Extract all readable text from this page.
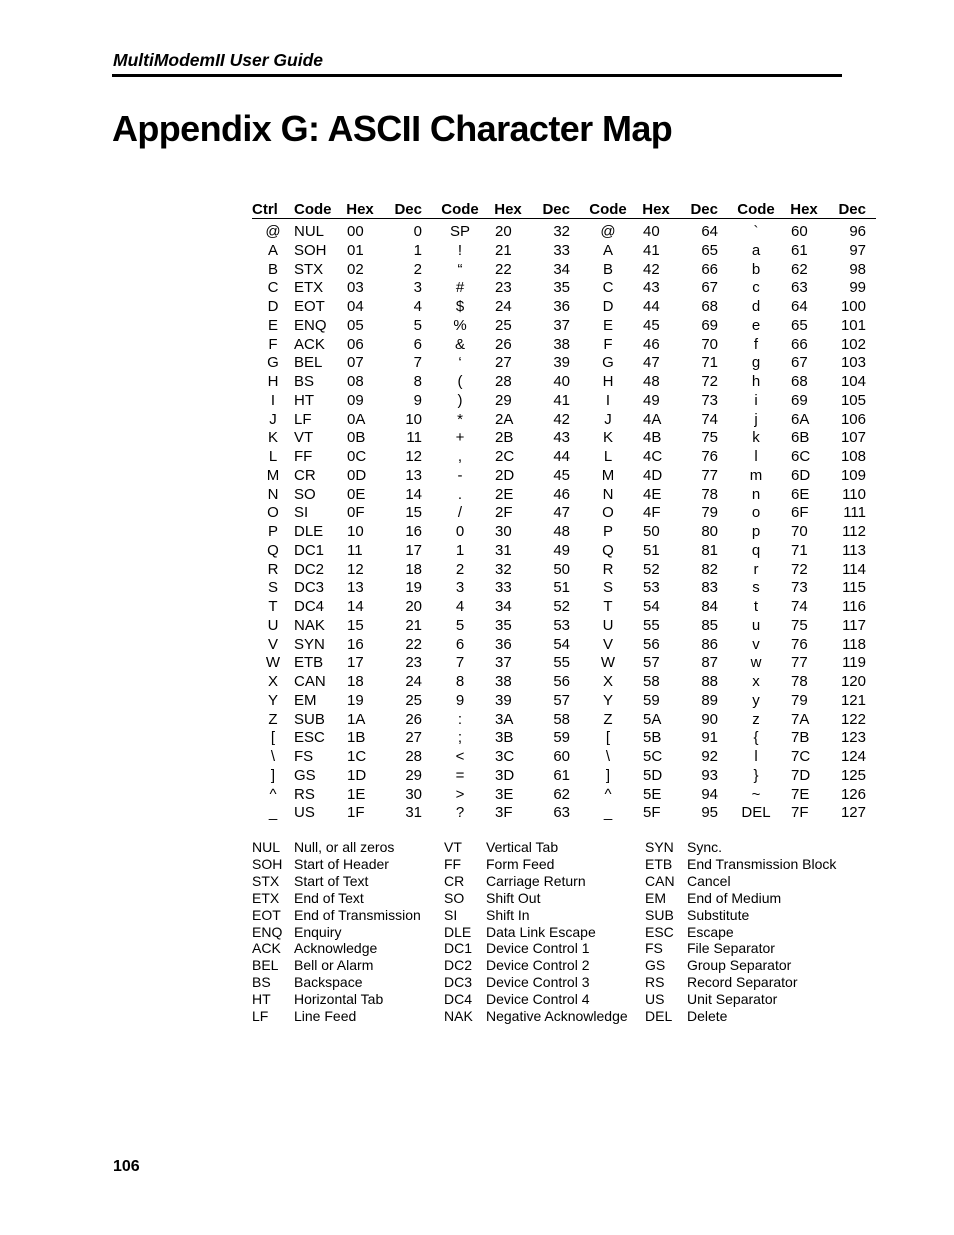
MultiModemII User Guide
Appendix G: ASCII Character Map
Ctrl	Code	Hex	Dec	Code	Hex	Dec	Code	Hex	Dec	Code	Hex	Dec
@	NUL	00	0	SP	20	32	@	40	64	`	60	96
A	SOH	01	1	!	21	33	A	41	65	a	61	97
B	STX	02	2	“	22	34	B	42	66	b	62	98
C	ETX	03	3	#	23	35	C	43	67	c	63	99
D	EOT	04	4	$	24	36	D	44	68	d	64	100
E	ENQ	05	5	%	25	37	E	45	69	e	65	101
F	ACK	06	6	&	26	38	F	46	70	f	66	102
G	BEL	07	7	‘	27	39	G	47	71	g	67	103
H	BS	08	8	(	28	40	H	48	72	h	68	104
I	HT	09	9	)	29	41	I	49	73	i	69	105
J	LF	0A	10	*	2A	42	J	4A	74	j	6A	106
K	VT	0B	11	+	2B	43	K	4B	75	k	6B	107
L	FF	0C	12	,	2C	44	L	4C	76	l	6C	108
M	CR	0D	13	-	2D	45	M	4D	77	m	6D	109
N	SO	0E	14	.	2E	46	N	4E	78	n	6E	110
O	SI	0F	15	/	2F	47	O	4F	79	o	6F	111
P	DLE	10	16	0	30	48	P	50	80	p	70	112
Q	DC1	11	17	1	31	49	Q	51	81	q	71	113
R	DC2	12	18	2	32	50	R	52	82	r	72	114
S	DC3	13	19	3	33	51	S	53	83	s	73	115
T	DC4	14	20	4	34	52	T	54	84	t	74	116
U	NAK	15	21	5	35	53	U	55	85	u	75	117
V	SYN	16	22	6	36	54	V	56	86	v	76	118
W	ETB	17	23	7	37	55	W	57	87	w	77	119
X	CAN	18	24	8	38	56	X	58	88	x	78	120
Y	EM	19	25	9	39	57	Y	59	89	y	79	121
Z	SUB	1A	26	:	3A	58	Z	5A	90	z	7A	122
[	ESC	1B	27	;	3B	59	[	5B	91	{	7B	123
\	FS	1C	28	<	3C	60	\	5C	92	l	7C	124
]	GS	1D	29	=	3D	61	]	5D	93	}	7D	125
^	RS	1E	30	>	3E	62	^	5E	94	~	7E	126
_	US	1F	31	?	3F	63	_	5F	95	DEL	7F	127
NUL	Null, or all zeros	VT	Vertical Tab	SYN	Sync.
SOH	Start of Header	FF	Form Feed	ETB	End Transmission Block
STX	Start of Text	CR	Carriage Return	CAN	Cancel
ETX	End of Text	SO	Shift Out	EM	End of Medium
EOT	End of Transmission	SI	Shift In	SUB	Substitute
ENQ	Enquiry	DLE	Data Link Escape	ESC	Escape
ACK	Acknowledge	DC1	Device Control 1	FS	File Separator
BEL	Bell or Alarm	DC2	Device Control 2	GS	Group Separator
BS	Backspace	DC3	Device Control 3	RS	Record Separator
HT	Horizontal Tab	DC4	Device Control 4	US	Unit Separator
LF	Line Feed	NAK	Negative Acknowledge	DEL	Delete
106
